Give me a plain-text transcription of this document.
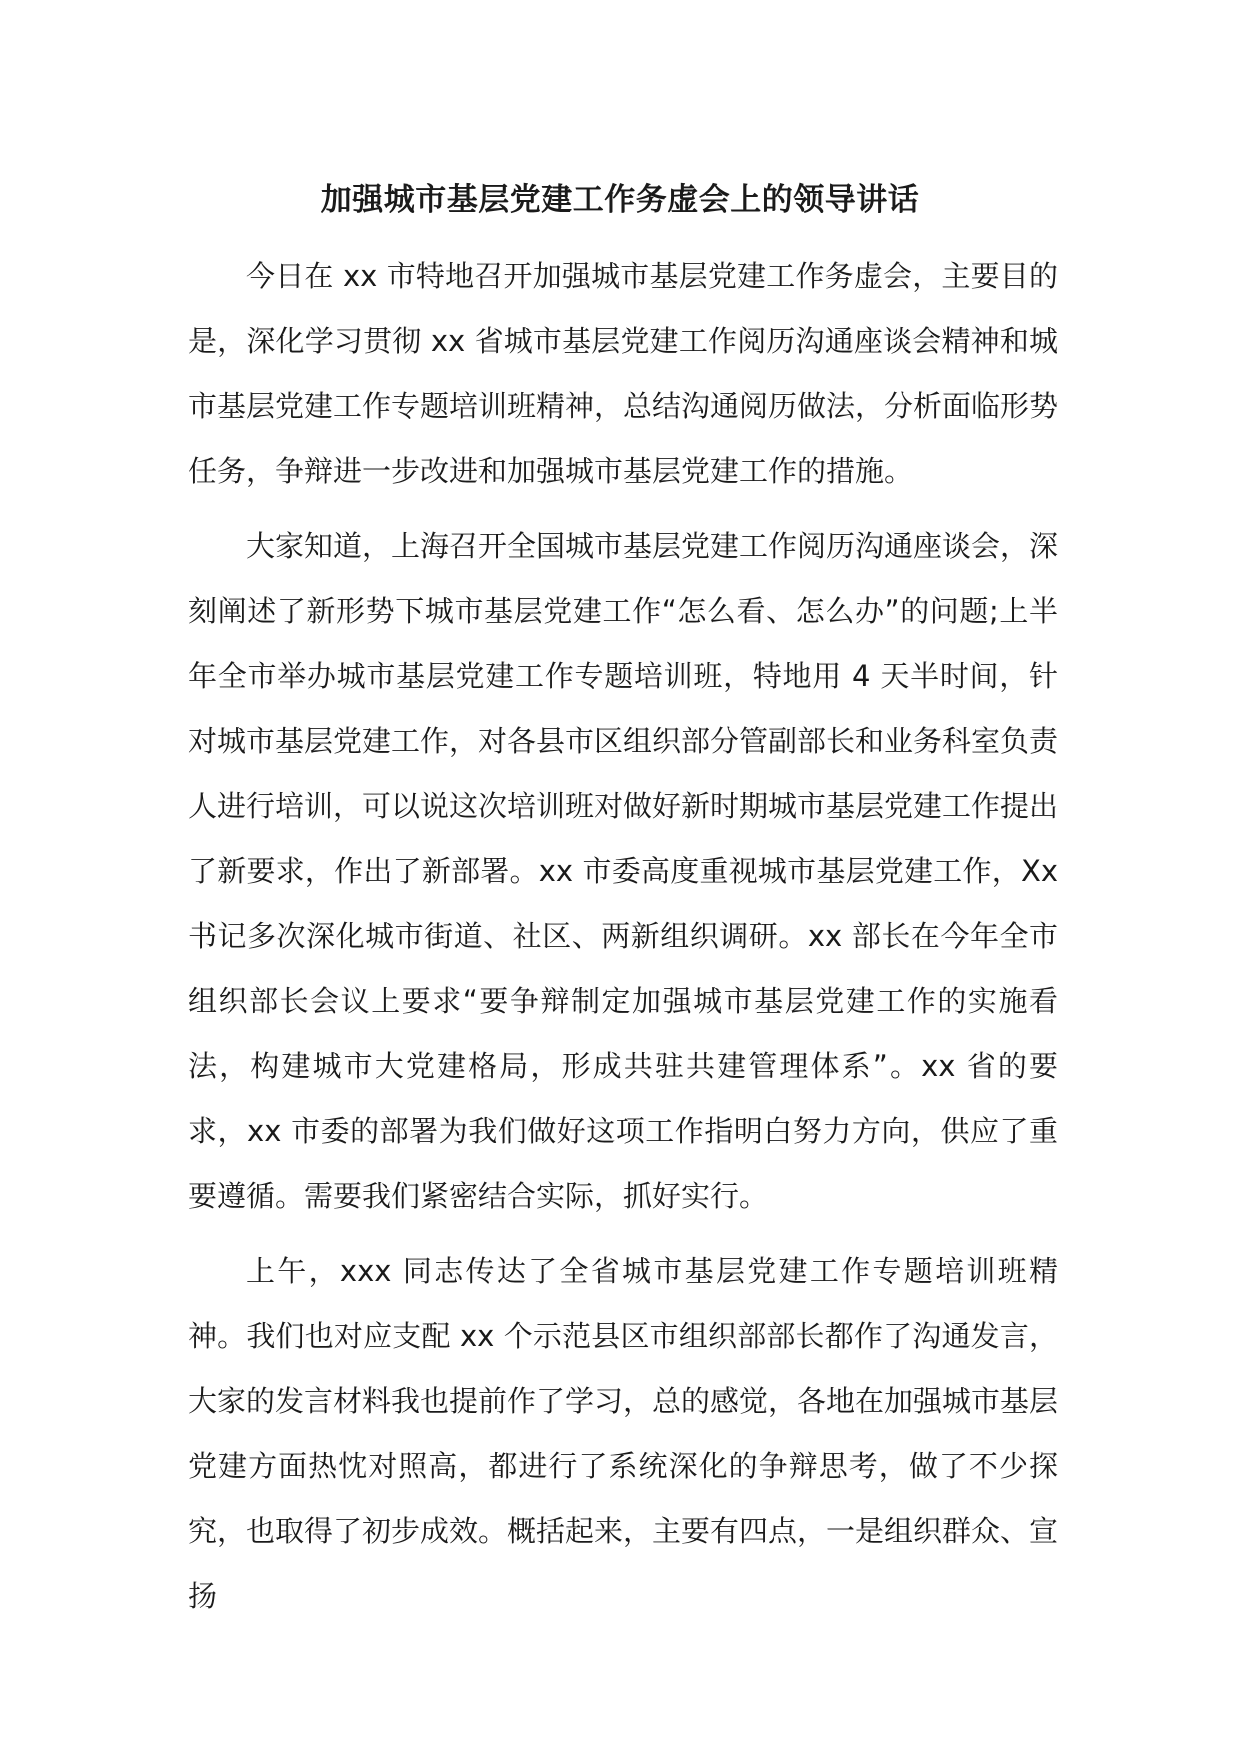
加强城市基层党建工作务虚会上的领导讲话

今日在 xx 市特地召开加强城市基层党建工作务虚会，主要目的是，深化学习贯彻 xx 省城市基层党建工作阅历沟通座谈会精神和城市基层党建工作专题培训班精神，总结沟通阅历做法，分析面临形势任务，争辩进一步改进和加强城市基层党建工作的措施。

大家知道，上海召开全国城市基层党建工作阅历沟通座谈会，深刻阐述了新形势下城市基层党建工作“怎么看、怎么办”的问题;上半年全市举办城市基层党建工作专题培训班，特地用 4 天半时间，针对城市基层党建工作，对各县市区组织部分管副部长和业务科室负责人进行培训，可以说这次培训班对做好新时期城市基层党建工作提出了新要求，作出了新部署。xx 市委高度重视城市基层党建工作，Xx 书记多次深化城市街道、社区、两新组织调研。xx 部长在今年全市组织部长会议上要求“要争辩制定加强城市基层党建工作的实施看法，构建城市大党建格局，形成共驻共建管理体系”。xx 省的要求，xx 市委的部署为我们做好这项工作指明白努力方向，供应了重要遵循。需要我们紧密结合实际，抓好实行。

上午，xxx 同志传达了全省城市基层党建工作专题培训班精神。我们也对应支配 xx 个示范县区市组织部部长都作了沟通发言，大家的发言材料我也提前作了学习，总的感觉，各地在加强城市基层党建方面热忱对照高，都进行了系统深化的争辩思考，做了不少探究，也取得了初步成效。概括起来，主要有四点，一是组织群众、宣扬
